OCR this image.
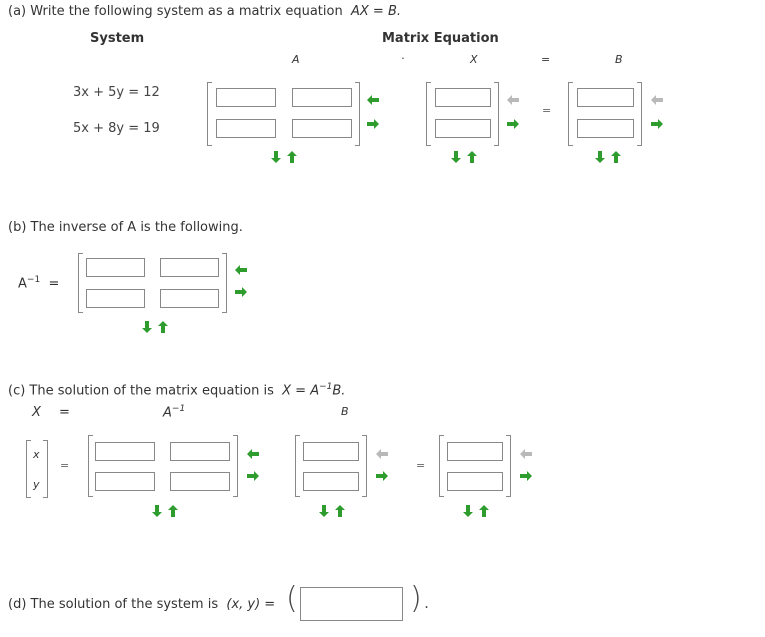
(a) Write the following system as a matrix equation AX = B.
System	Matrix Equation
A	·	X	=	B
3x + 5y = 12
5x + 8y = 19
=
(b) The inverse of A is the following.
$A^{-1}$ =
(c) The solution of the matrix equation is $X = A^{-1}B$.
X =	$A^{-1}$	B
x
y
=	=
(d) The solution of the system is (x, y) = (	).
